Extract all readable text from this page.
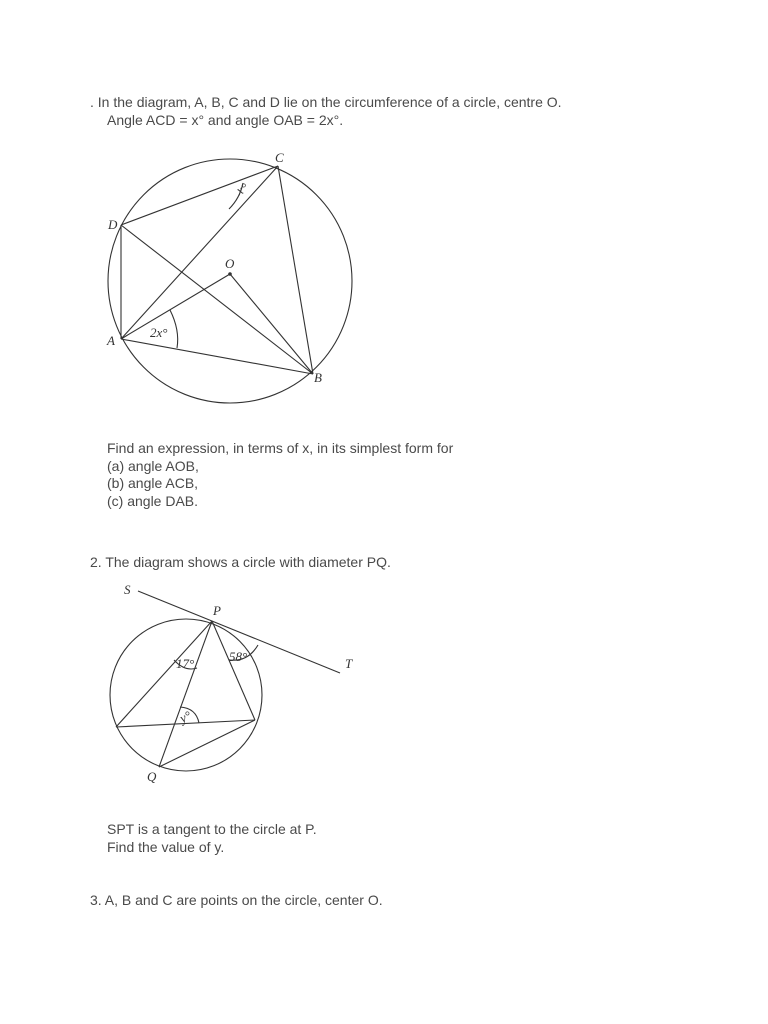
. In the diagram, A, B, C and D lie on the circumference of a circle, centre O.
Angle ACD = x° and angle OAB = 2x°.
C
D
O
A
B
x°
2x°
S
P
T
Q
17°	58°
y°
Find an expression, in terms of x, in its simplest form for
(a) angle AOB,
(b) angle ACB,
(c) angle DAB.
2. The diagram shows a circle with diameter PQ.
SPT is a tangent to the circle at P.
Find the value of y.
3. A, B and C are points on the circle, center O.
